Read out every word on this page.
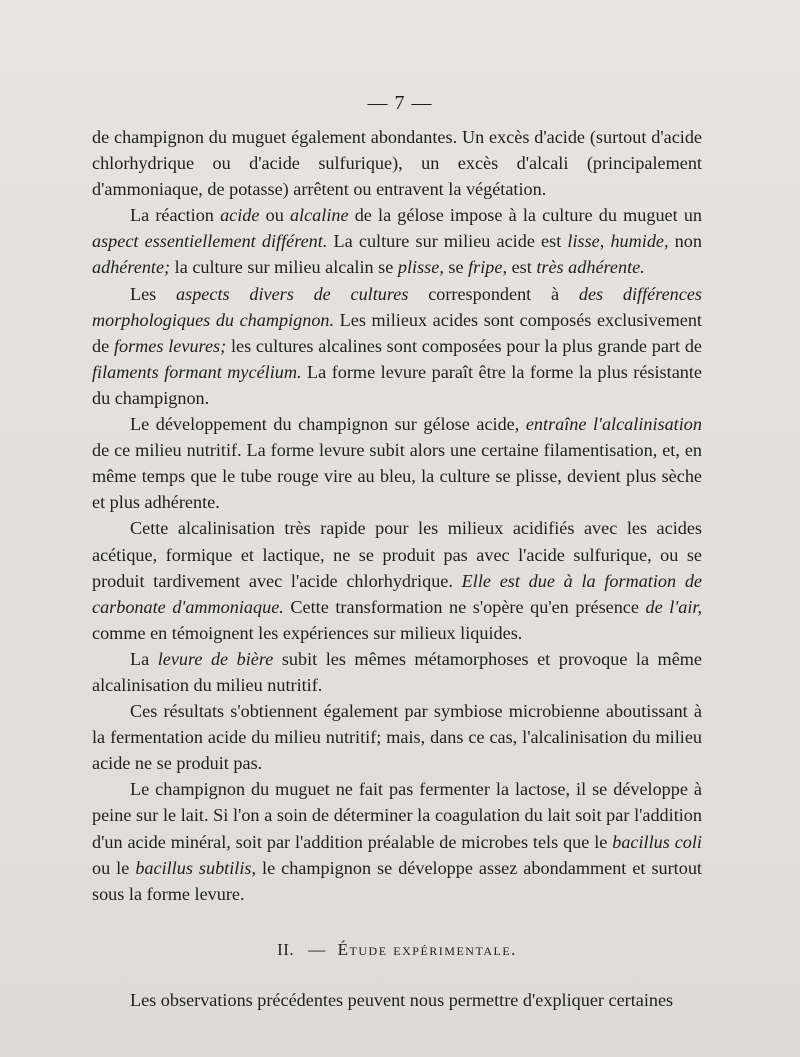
— 7 —

de champignon du muguet également abondantes. Un excès d'acide (surtout d'acide chlorhydrique ou d'acide sulfurique), un excès d'alcali (principalement d'ammoniaque, de potasse) arrêtent ou entravent la végétation.

La réaction acide ou alcaline de la gélose impose à la culture du muguet un aspect essentiellement différent. La culture sur milieu acide est lisse, humide, non adhérente; la culture sur milieu alcalin se plisse, se fripe, est très adhérente.

Les aspects divers de cultures correspondent à des différences morphologiques du champignon. Les milieux acides sont composés exclusivement de formes levures; les cultures alcalines sont composées pour la plus grande part de filaments formant mycélium. La forme levure paraît être la forme la plus résistante du champignon.

Le développement du champignon sur gélose acide, entraîne l'alcalinisation de ce milieu nutritif. La forme levure subit alors une certaine filamentisation, et, en même temps que le tube rouge vire au bleu, la culture se plisse, devient plus sèche et plus adhérente.

Cette alcalinisation très rapide pour les milieux acidifiés avec les acides acétique, formique et lactique, ne se produit pas avec l'acide sulfurique, ou se produit tardivement avec l'acide chlorhydrique. Elle est due à la formation de carbonate d'ammoniaque. Cette transformation ne s'opère qu'en présence de l'air, comme en témoignent les expériences sur milieux liquides.

La levure de bière subit les mêmes métamorphoses et provoque la même alcalinisation du milieu nutritif.

Ces résultats s'obtiennent également par symbiose microbienne aboutissant à la fermentation acide du milieu nutritif; mais, dans ce cas, l'alcalinisation du milieu acide ne se produit pas.

Le champignon du muguet ne fait pas fermenter la lactose, il se développe à peine sur le lait. Si l'on a soin de déterminer la coagulation du lait soit par l'addition d'un acide minéral, soit par l'addition préalable de microbes tels que le bacillus coli ou le bacillus subtilis, le champignon se développe assez abondamment et surtout sous la forme levure.

II. — Étude expérimentale.

Les observations précédentes peuvent nous permettre d'expliquer certaines
